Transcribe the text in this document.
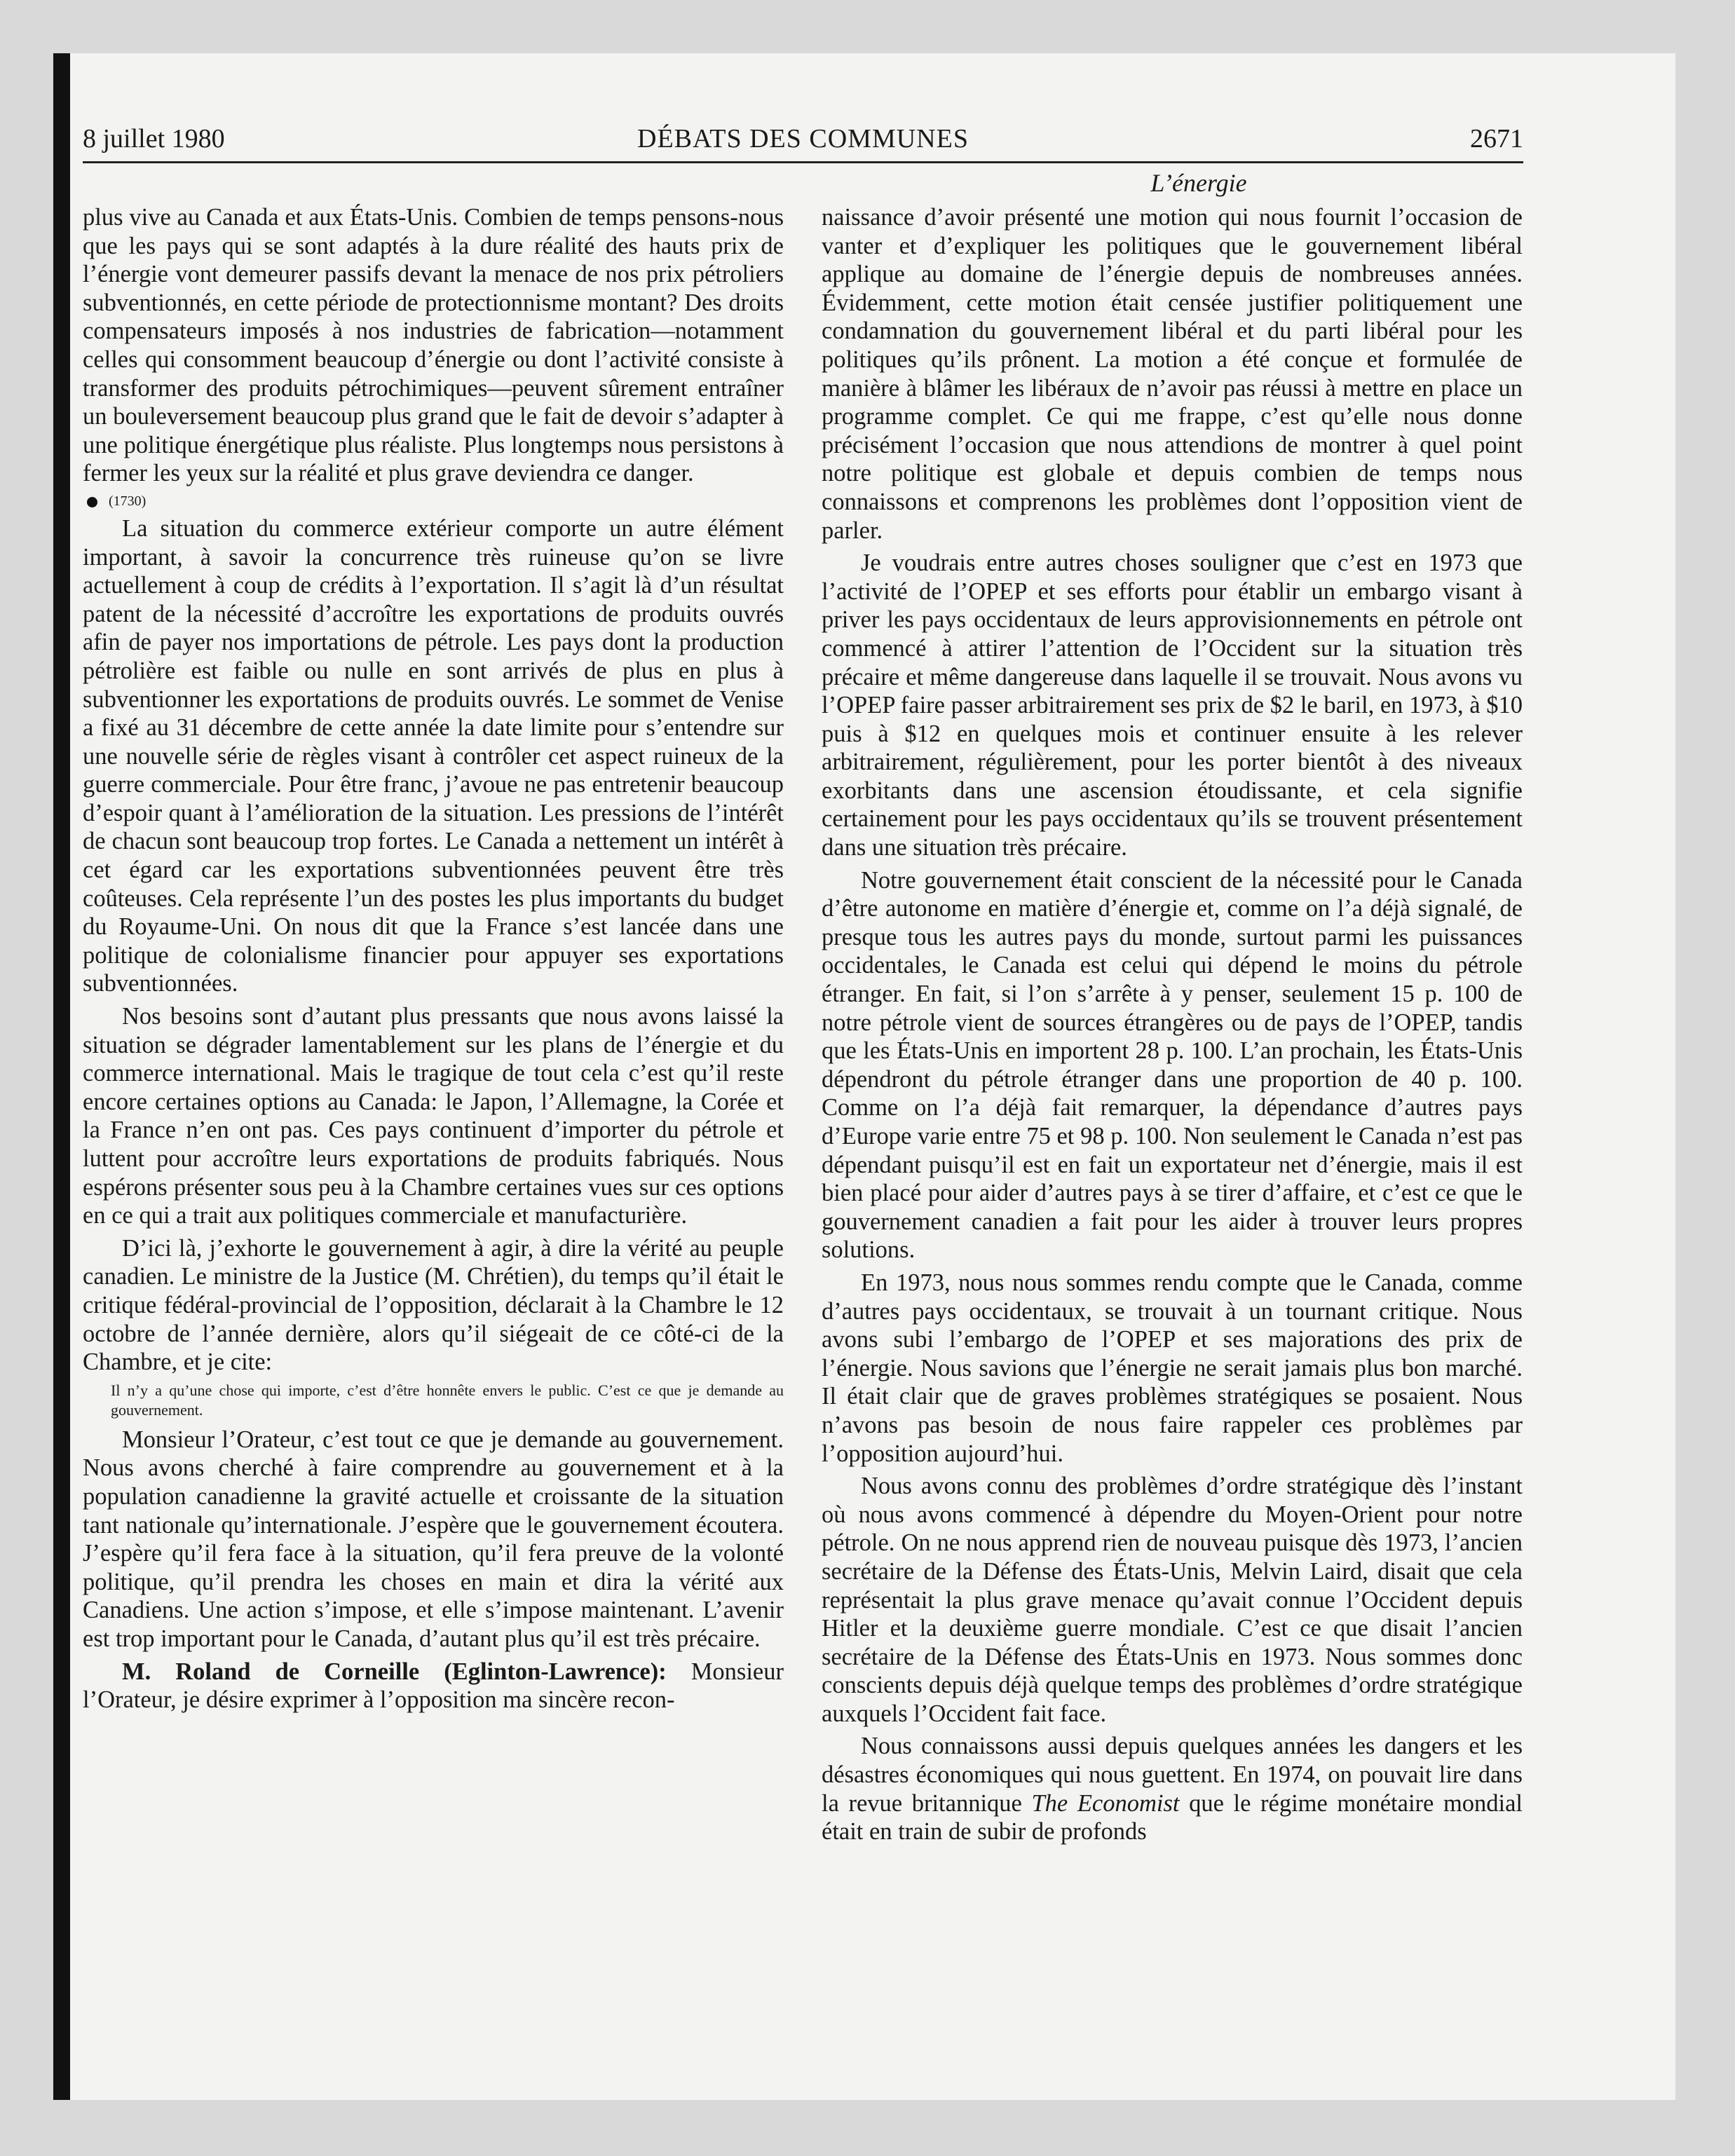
8 juillet 1980	DÉBATS DES COMMUNES	2671
L’énergie

plus vive au Canada et aux États-Unis. Combien de temps pensons-nous que les pays qui se sont adaptés à la dure réalité des hauts prix de l’énergie vont demeurer passifs devant la menace de nos prix pétroliers subventionnés, en cette période de protectionnisme montant? Des droits compensateurs imposés à nos industries de fabrication—notamment celles qui consomment beaucoup d’énergie ou dont l’activité consiste à transformer des produits pétrochimiques—peuvent sûrement entraîner un bouleversement beaucoup plus grand que le fait de devoir s’adapter à une politique énergétique plus réaliste. Plus longtemps nous persistons à fermer les yeux sur la réalité et plus grave deviendra ce danger.

(1730)

La situation du commerce extérieur comporte un autre élément important, à savoir la concurrence très ruineuse qu’on se livre actuellement à coup de crédits à l’exportation. Il s’agit là d’un résultat patent de la nécessité d’accroître les exportations de produits ouvrés afin de payer nos importations de pétrole. Les pays dont la production pétrolière est faible ou nulle en sont arrivés de plus en plus à subventionner les exportations de produits ouvrés. Le sommet de Venise a fixé au 31 décembre de cette année la date limite pour s’entendre sur une nouvelle série de règles visant à contrôler cet aspect ruineux de la guerre commerciale. Pour être franc, j’avoue ne pas entretenir beaucoup d’espoir quant à l’amélioration de la situation. Les pressions de l’intérêt de chacun sont beaucoup trop fortes. Le Canada a nettement un intérêt à cet égard car les exportations subventionnées peuvent être très coûteuses. Cela représente l’un des postes les plus importants du budget du Royaume-Uni. On nous dit que la France s’est lancée dans une politique de colonialisme financier pour appuyer ses exportations subventionnées.

Nos besoins sont d’autant plus pressants que nous avons laissé la situation se dégrader lamentablement sur les plans de l’énergie et du commerce international. Mais le tragique de tout cela c’est qu’il reste encore certaines options au Canada: le Japon, l’Allemagne, la Corée et la France n’en ont pas. Ces pays continuent d’importer du pétrole et luttent pour accroître leurs exportations de produits fabriqués. Nous espérons présenter sous peu à la Chambre certaines vues sur ces options en ce qui a trait aux politiques commerciale et manufacturière.

D’ici là, j’exhorte le gouvernement à agir, à dire la vérité au peuple canadien. Le ministre de la Justice (M. Chrétien), du temps qu’il était le critique fédéral-provincial de l’opposition, déclarait à la Chambre le 12 octobre de l’année dernière, alors qu’il siégeait de ce côté-ci de la Chambre, et je cite:

Il n’y a qu’une chose qui importe, c’est d’être honnête envers le public. C’est ce que je demande au gouvernement.

Monsieur l’Orateur, c’est tout ce que je demande au gouvernement. Nous avons cherché à faire comprendre au gouvernement et à la population canadienne la gravité actuelle et croissante de la situation tant nationale qu’internationale. J’espère que le gouvernement écoutera. J’espère qu’il fera face à la situation, qu’il fera preuve de la volonté politique, qu’il prendra les choses en main et dira la vérité aux Canadiens. Une action s’impose, et elle s’impose maintenant. L’avenir est trop important pour le Canada, d’autant plus qu’il est très précaire.

M. Roland de Corneille (Eglinton-Lawrence): Monsieur l’Orateur, je désire exprimer à l’opposition ma sincère recon-

naissance d’avoir présenté une motion qui nous fournit l’occasion de vanter et d’expliquer les politiques que le gouvernement libéral applique au domaine de l’énergie depuis de nombreuses années. Évidemment, cette motion était censée justifier politiquement une condamnation du gouvernement libéral et du parti libéral pour les politiques qu’ils prônent. La motion a été conçue et formulée de manière à blâmer les libéraux de n’avoir pas réussi à mettre en place un programme complet. Ce qui me frappe, c’est qu’elle nous donne précisément l’occasion que nous attendions de montrer à quel point notre politique est globale et depuis combien de temps nous connaissons et comprenons les problèmes dont l’opposition vient de parler.

Je voudrais entre autres choses souligner que c’est en 1973 que l’activité de l’OPEP et ses efforts pour établir un embargo visant à priver les pays occidentaux de leurs approvisionnements en pétrole ont commencé à attirer l’attention de l’Occident sur la situation très précaire et même dangereuse dans laquelle il se trouvait. Nous avons vu l’OPEP faire passer arbitrairement ses prix de $2 le baril, en 1973, à $10 puis à $12 en quelques mois et continuer ensuite à les relever arbitrairement, régulièrement, pour les porter bientôt à des niveaux exorbitants dans une ascension étoudissante, et cela signifie certainement pour les pays occidentaux qu’ils se trouvent présentement dans une situation très précaire.

Notre gouvernement était conscient de la nécessité pour le Canada d’être autonome en matière d’énergie et, comme on l’a déjà signalé, de presque tous les autres pays du monde, surtout parmi les puissances occidentales, le Canada est celui qui dépend le moins du pétrole étranger. En fait, si l’on s’arrête à y penser, seulement 15 p. 100 de notre pétrole vient de sources étrangères ou de pays de l’OPEP, tandis que les États-Unis en importent 28 p. 100. L’an prochain, les États-Unis dépendront du pétrole étranger dans une proportion de 40 p. 100. Comme on l’a déjà fait remarquer, la dépendance d’autres pays d’Europe varie entre 75 et 98 p. 100. Non seulement le Canada n’est pas dépendant puisqu’il est en fait un exportateur net d’énergie, mais il est bien placé pour aider d’autres pays à se tirer d’affaire, et c’est ce que le gouvernement canadien a fait pour les aider à trouver leurs propres solutions.

En 1973, nous nous sommes rendu compte que le Canada, comme d’autres pays occidentaux, se trouvait à un tournant critique. Nous avons subi l’embargo de l’OPEP et ses majorations des prix de l’énergie. Nous savions que l’énergie ne serait jamais plus bon marché. Il était clair que de graves problèmes stratégiques se posaient. Nous n’avons pas besoin de nous faire rappeler ces problèmes par l’opposition aujourd’hui.

Nous avons connu des problèmes d’ordre stratégique dès l’instant où nous avons commencé à dépendre du Moyen-Orient pour notre pétrole. On ne nous apprend rien de nouveau puisque dès 1973, l’ancien secrétaire de la Défense des États-Unis, Melvin Laird, disait que cela représentait la plus grave menace qu’avait connue l’Occident depuis Hitler et la deuxième guerre mondiale. C’est ce que disait l’ancien secrétaire de la Défense des États-Unis en 1973. Nous sommes donc conscients depuis déjà quelque temps des problèmes d’ordre stratégique auxquels l’Occident fait face.

Nous connaissons aussi depuis quelques années les dangers et les désastres économiques qui nous guettent. En 1974, on pouvait lire dans la revue britannique The Economist que le régime monétaire mondial était en train de subir de profonds
